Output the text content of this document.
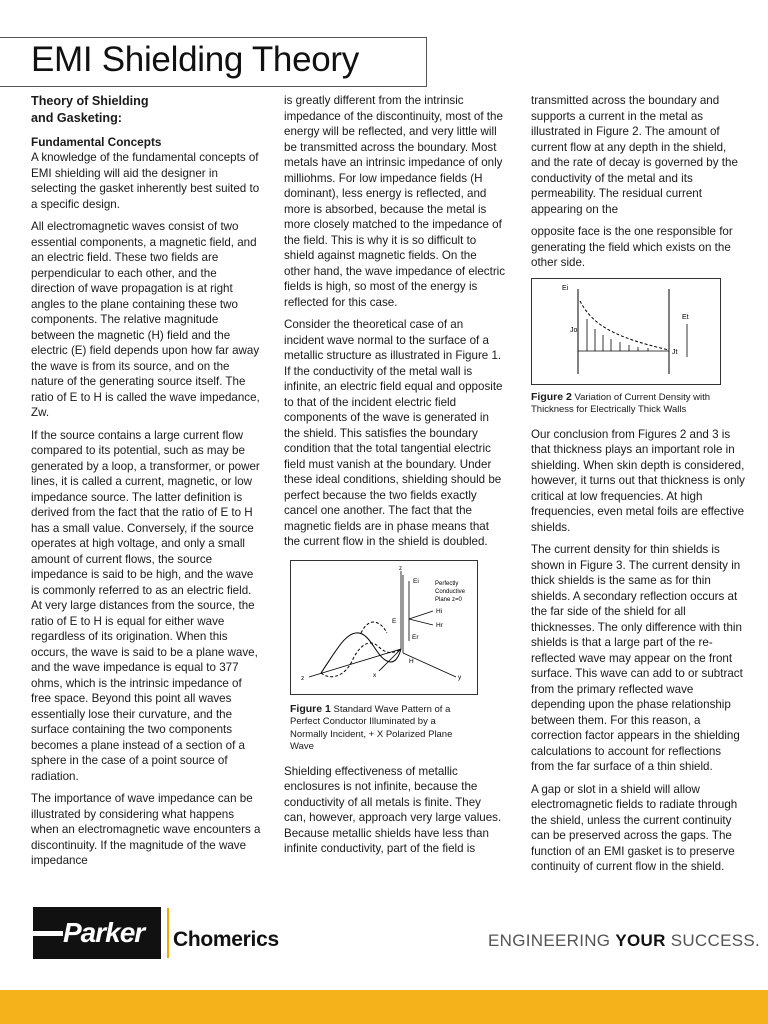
EMI Shielding Theory
Theory of Shielding
and Gasketing:
Fundamental Concepts

A knowledge of the fundamental concepts of EMI shielding will aid the designer in selecting the gasket inherently best suited to a specific design.

All electromagnetic waves consist of two essential components, a magnetic field, and an electric field. These two fields are perpendicular to each other, and the direction of wave propagation is at right angles to the plane containing these two components. The relative magnitude between the magnetic (H) field and the electric (E) field depends upon how far away the wave is from its source, and on the nature of the generating source itself. The ratio of E to H is called the wave impedance, Zw.

If the source contains a large current flow compared to its potential, such as may be generated by a loop, a transformer, or power lines, it is called a current, magnetic, or low impedance source. The latter definition is derived from the fact that the ratio of E to H has a small value. Conversely, if the source operates at high voltage, and only a small amount of current flows, the source impedance is said to be high, and the wave is commonly referred to as an electric field. At very large distances from the source, the ratio of E to H is equal for either wave regardless of its origination. When this occurs, the wave is said to be a plane wave, and the wave impedance is equal to 377 ohms, which is the intrinsic impedance of free space. Beyond this point all waves essentially lose their curvature, and the surface containing the two components becomes a plane instead of a section of a sphere in the case of a point source of radiation.

The importance of wave impedance can be illustrated by considering what happens when an electromagnetic wave encounters a discontinuity. If the magnitude of the wave impedance

is greatly different from the intrinsic impedance of the discontinuity, most of the energy will be reflected, and very little will be transmitted across the boundary. Most metals have an intrinsic impedance of only milliohms. For low impedance fields (H dominant), less energy is reflected, and more is absorbed, because the metal is more closely matched to the impedance of the field. This is why it is so difficult to shield against magnetic fields. On the other hand, the wave impedance of electric fields is high, so most of the energy is reflected for this case.

Consider the theoretical case of an incident wave normal to the surface of a metallic structure as illustrated in Figure 1. If the conductivity of the metal wall is infinite, an electric field equal and opposite to that of the incident electric field components of the wave is generated in the shield. This satisfies the boundary condition that the total tangential electric field must vanish at the boundary. Under these ideal conditions, shielding should be perfect because the two fields exactly cancel one another. The fact that the magnetic fields are in phase means that the current flow in the shield is doubled.

z
Ei	Perfectly
Conductive
Plane z=0
Hi
Hr
Er
E
H
z	y
x
Figure 1 Standard Wave Pattern of a Perfect Conductor Illuminated by a Normally Incident, + X Polarized Plane Wave

Shielding effectiveness of metallic enclosures is not infinite, because the conductivity of all metals is finite. They can, however, approach very large values. Because metallic shields have less than infinite conductivity, part of the field is

transmitted across the boundary and supports a current in the metal as illustrated in Figure 2. The amount of current flow at any depth in the shield, and the rate of decay is governed by the conductivity of the metal and its permeability. The residual current appearing on the

opposite face is the one responsible for generating the field which exists on the other side.

Ei
Jo
Et
Jt
Figure 2 Variation of Current Density with Thickness for Electrically Thick Walls

Our conclusion from Figures 2 and 3 is that thickness plays an important role in shielding. When skin depth is considered, however, it turns out that thickness is only critical at low frequencies. At high frequencies, even metal foils are effective shields.

The current density for thin shields is shown in Figure 3. The current density in thick shields is the same as for thin shields. A secondary reflection occurs at the far side of the shield for all thicknesses. The only difference with thin shields is that a large part of the re-reflected wave may appear on the front surface. This wave can add to or subtract from the primary reflected wave depending upon the phase relationship between them. For this reason, a correction factor appears in the shielding calculations to account for reflections from the far surface of a thin shield.

A gap or slot in a shield will allow electromagnetic fields to radiate through the shield, unless the current continuity can be preserved across the gaps. The function of an EMI gasket is to preserve continuity of current flow in the shield.

Parker Chomerics	ENGINEERING YOUR SUCCESS.
